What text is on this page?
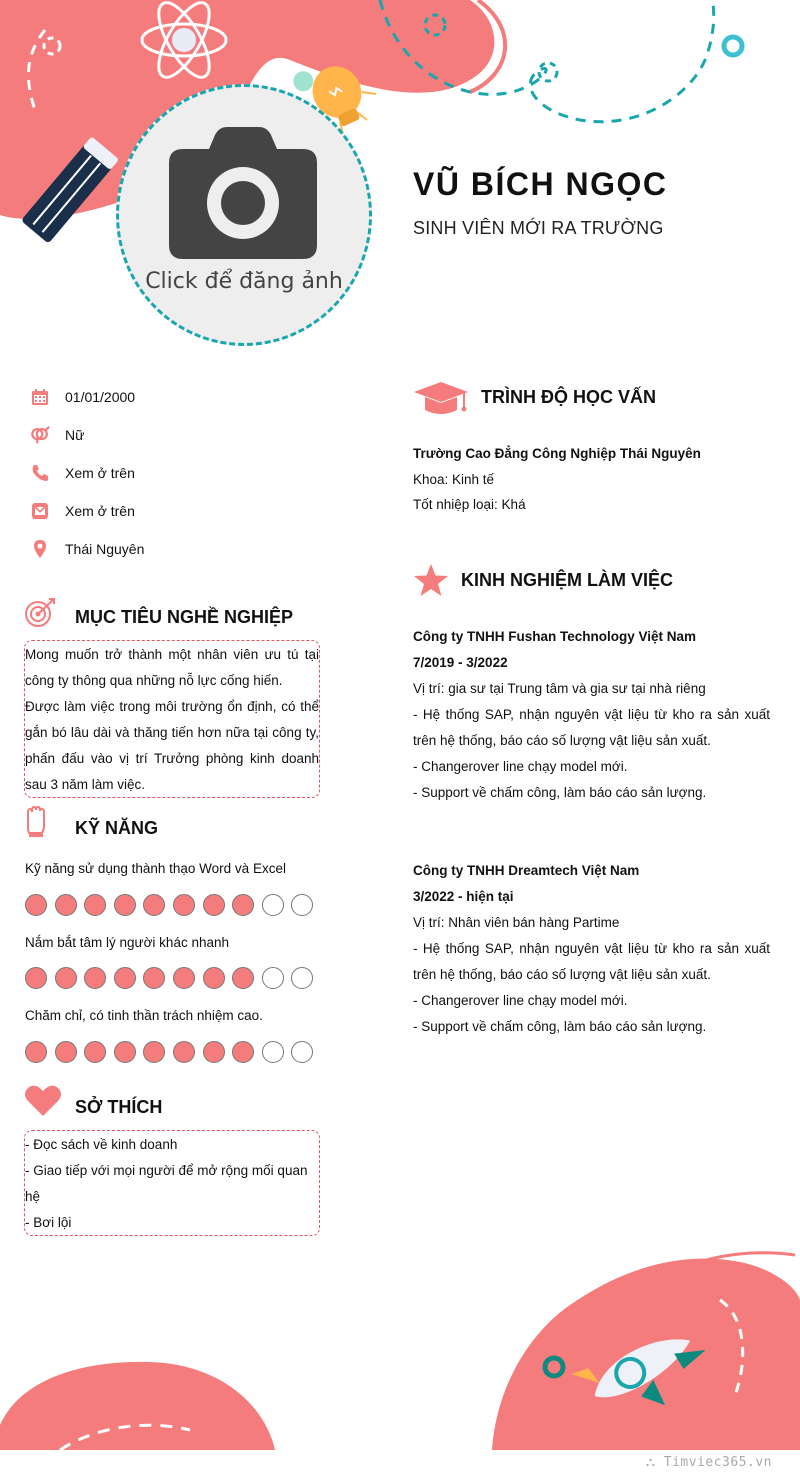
Click để đăng ảnh
VŨ BÍCH NGỌC
SINH VIÊN MỚI RA TRƯỜNG
01/01/2000
Nữ
Xem ở trên
Xem ở trên
Thái Nguyên
MỤC TIÊU NGHỀ NGHIỆP
Mong muốn trở thành một nhân viên ưu tú tại công ty thông qua những nỗ lực cống hiến.
Được làm việc trong môi trường ổn định, có thể gắn bó lâu dài và thăng tiến hơn nữa tại công ty, phấn đấu vào vị trí Trưởng phòng kinh doanh sau 3 năm làm việc.
KỸ NĂNG
Kỹ năng sử dụng thành thạo Word và Excel
Nắm bắt tâm lý người khác nhanh
Chăm chỉ, có tinh thần trách nhiệm cao.
SỞ THÍCH
- Đọc sách về kinh doanh
- Giao tiếp với mọi người để mở rộng mối quan hệ
- Bơi lội
TRÌNH ĐỘ HỌC VẤN
Trường Cao Đẳng Công Nghiệp Thái Nguyên
Khoa: Kinh tế
Tốt nhiệp loại: Khá
KINH NGHIỆM LÀM VIỆC
Công ty TNHH Fushan Technology Việt Nam
7/2019 - 3/2022
Vị trí: gia sư tại Trung tâm và gia sư tại nhà riêng
- Hệ thống SAP, nhận nguyên vật liệu từ kho ra sản xuất trên hệ thống, báo cáo số lượng vật liệu sản xuất.
- Changerover line chạy model mới.
- Support về chấm công, làm báo cáo sản lượng.
Công ty TNHH Dreamtech Việt Nam
3/2022 - hiện tại
Vị trí: Nhân viên bán hàng Partime
- Hệ thống SAP, nhận nguyên vật liệu từ kho ra sản xuất trên hệ thống, báo cáo số lượng vật liệu sản xuất.
- Changerover line chạy model mới.
- Support về chấm công, làm báo cáo sản lượng.
⛬ Timviec365.vn
